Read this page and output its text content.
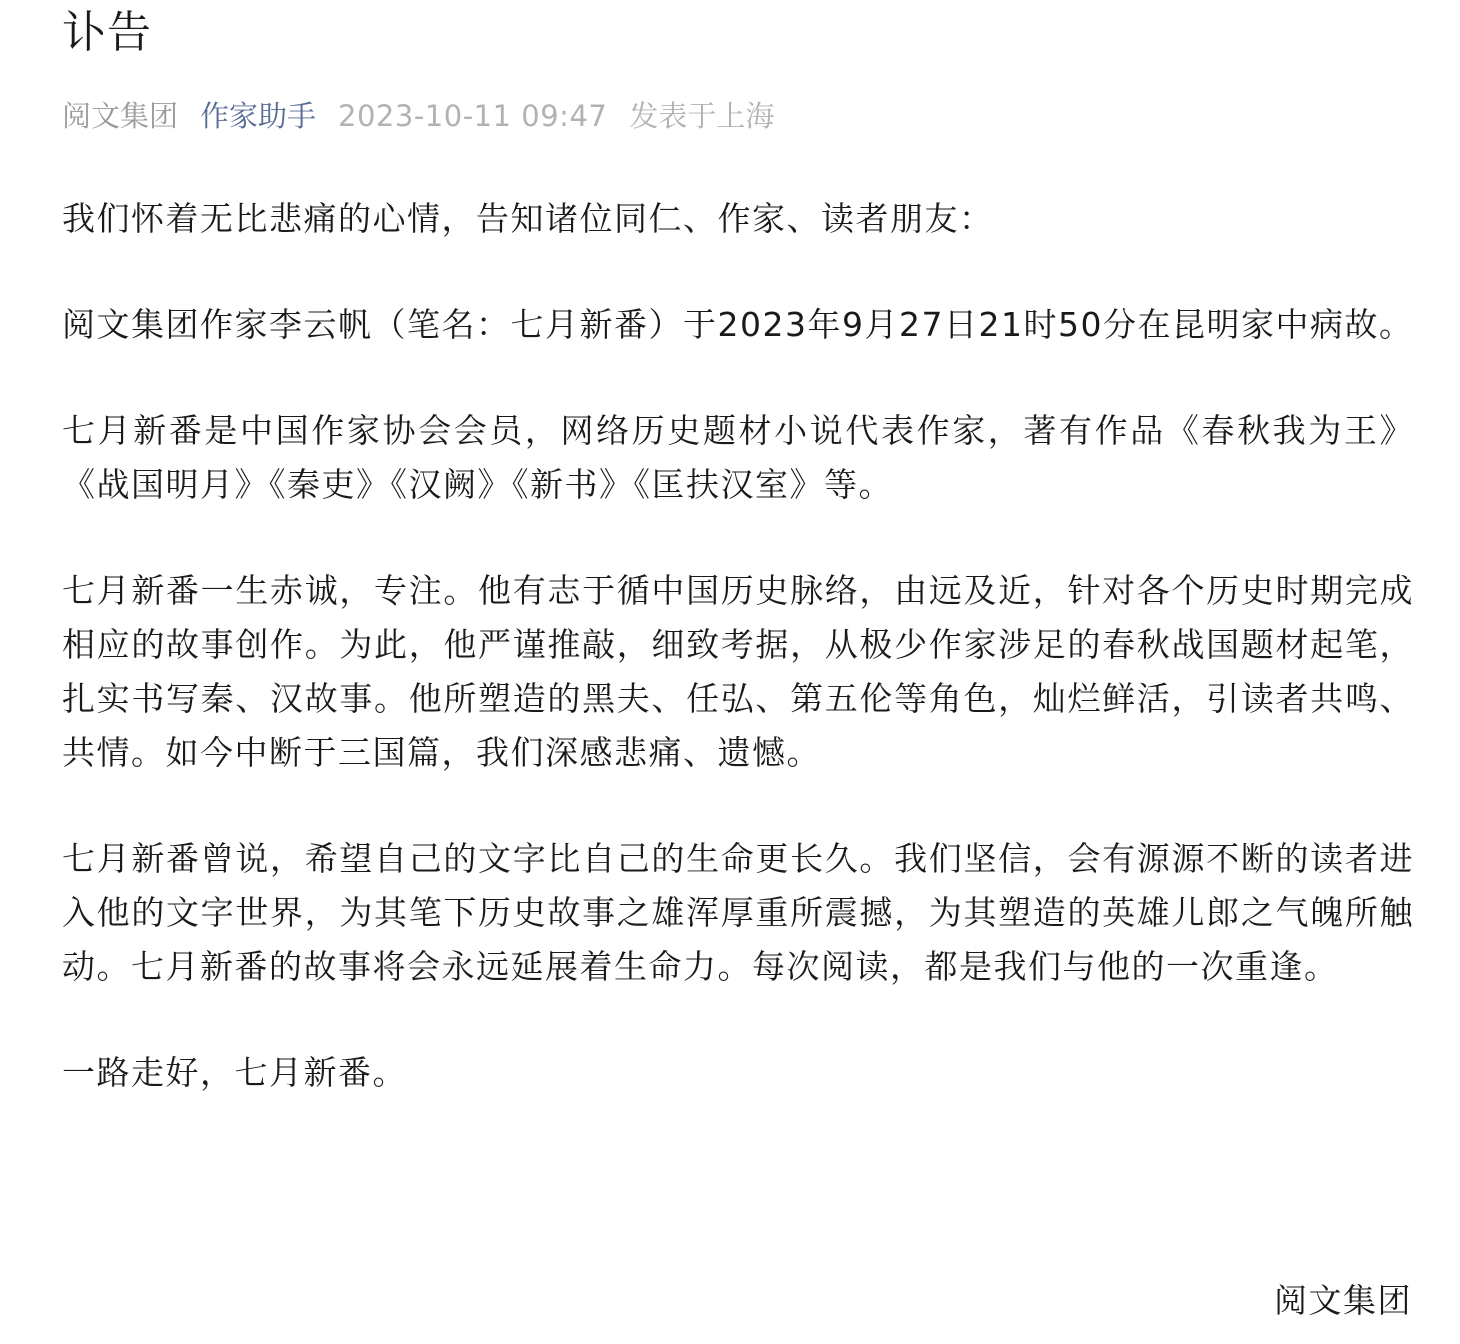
讣告
阅文集团 作家助手 2023-10-11 09:47 发表于上海

我们怀着无比悲痛的心情，告知诸位同仁、作家、读者朋友：

阅文集团作家李云帆（笔名：七月新番）于2023年9月27日21时50分在昆明家中病故。

七月新番是中国作家协会会员，网络历史题材小说代表作家，著有作品《春秋我为王》《战国明月》《秦吏》《汉阙》《新书》《匡扶汉室》等。

七月新番一生赤诚，专注。他有志于循中国历史脉络，由远及近，针对各个历史时期完成相应的故事创作。为此，他严谨推敲，细致考据，从极少作家涉足的春秋战国题材起笔，扎实书写秦、汉故事。他所塑造的黑夫、任弘、第五伦等角色，灿烂鲜活，引读者共鸣、共情。如今中断于三国篇，我们深感悲痛、遗憾。

七月新番曾说，希望自己的文字比自己的生命更长久。我们坚信，会有源源不断的读者进入他的文字世界，为其笔下历史故事之雄浑厚重所震撼，为其塑造的英雄儿郎之气魄所触动。七月新番的故事将会永远延展着生命力。每次阅读，都是我们与他的一次重逢。

一路走好，七月新番。

阅文集团
